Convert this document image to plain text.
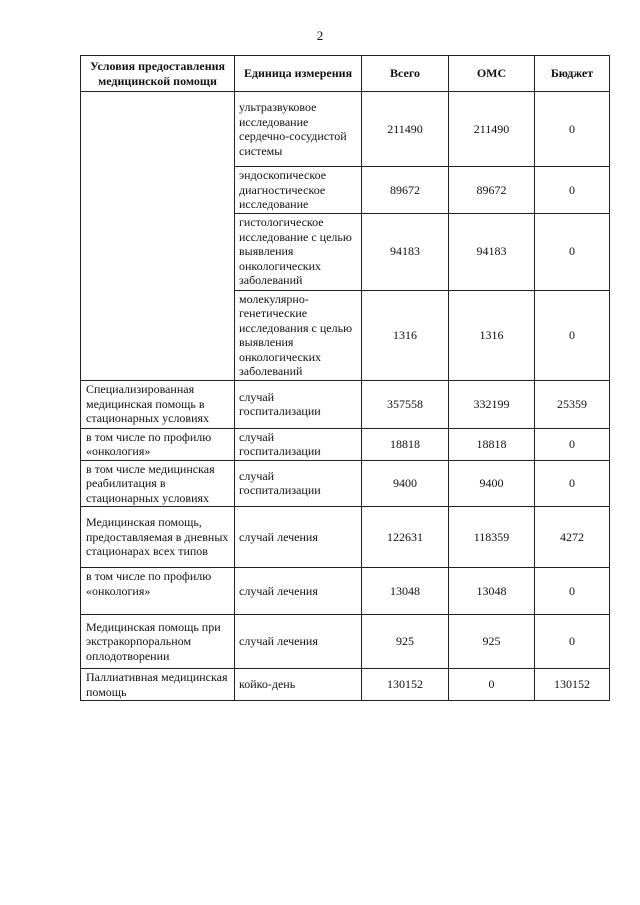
2
Условия предоставления медицинской помощи	Единица измерения	Всего	ОМС	Бюджет
	ультразвуковое исследование сердечно-сосудистой системы	211490	211490	0
	эндоскопическое диагностическое исследование	89672	89672	0
	гистологическое исследование с целью выявления онкологических заболеваний	94183	94183	0
	молекулярно-генетические исследования с целью выявления онкологических заболеваний	1316	1316	0
Специализированная медицинская помощь в стационарных условиях	случай госпитализации	357558	332199	25359
в том числе по профилю «онкология»	случай госпитализации	18818	18818	0
в том числе медицинская реабилитация в стационарных условиях	случай госпитализации	9400	9400	0
Медицинская помощь, предоставляемая в дневных стационарах всех типов	случай лечения	122631	118359	4272
в том числе по профилю «онкология»	случай лечения	13048	13048	0
Медицинская помощь при экстракорпоральном оплодотворении	случай лечения	925	925	0
Паллиативная медицинская помощь	койко-день	130152	0	130152
